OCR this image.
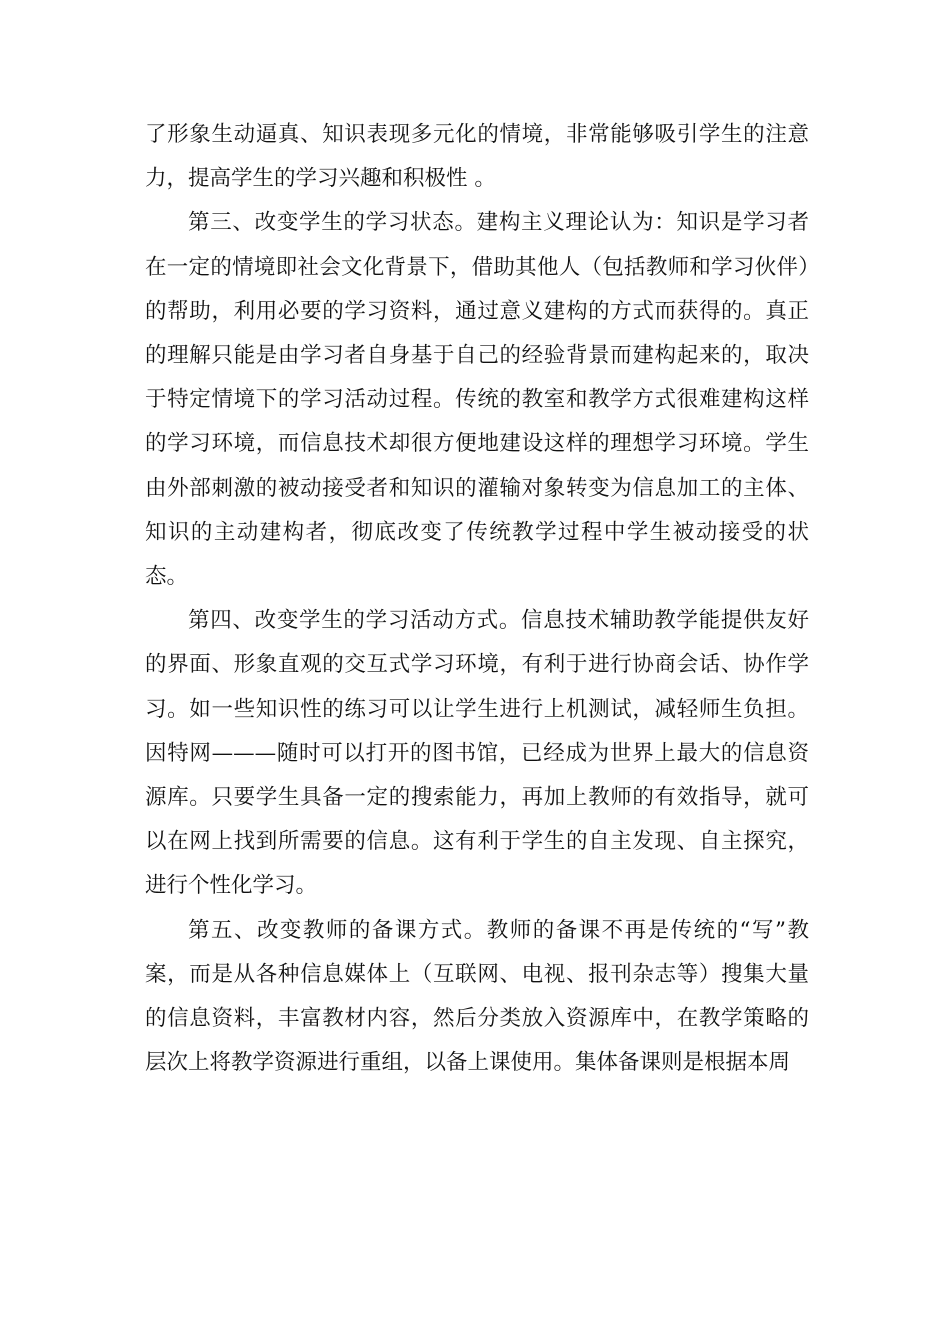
了形象生动逼真、知识表现多元化的情境，非常能够吸引学生的注意力，提高学生的学习兴趣和积极性 。

第三、改变学生的学习状态。建构主义理论认为：知识是学习者在一定的情境即社会文化背景下，借助其他人（包括教师和学习伙伴）的帮助，利用必要的学习资料，通过意义建构的方式而获得的。真正的理解只能是由学习者自身基于自己的经验背景而建构起来的，取决于特定情境下的学习活动过程。传统的教室和教学方式很难建构这样的学习环境，而信息技术却很方便地建设这样的理想学习环境。学生由外部刺激的被动接受者和知识的灌输对象转变为信息加工的主体、知识的主动建构者，彻底改变了传统教学过程中学生被动接受的状态。

第四、改变学生的学习活动方式。信息技术辅助教学能提供友好的界面、形象直观的交互式学习环境，有利于进行协商会话、协作学习。如一些知识性的练习可以让学生进行上机测试，减轻师生负担。因特网———随时可以打开的图书馆，已经成为世界上最大的信息资源库。只要学生具备一定的搜索能力，再加上教师的有效指导，就可以在网上找到所需要的信息。这有利于学生的自主发现、自主探究，进行个性化学习。

第五、改变教师的备课方式。教师的备课不再是传统的“写”教案，而是从各种信息媒体上（互联网、电视、报刊杂志等）搜集大量的信息资料，丰富教材内容，然后分类放入资源库中，在教学策略的层次上将教学资源进行重组，以备上课使用。集体备课则是根据本周
